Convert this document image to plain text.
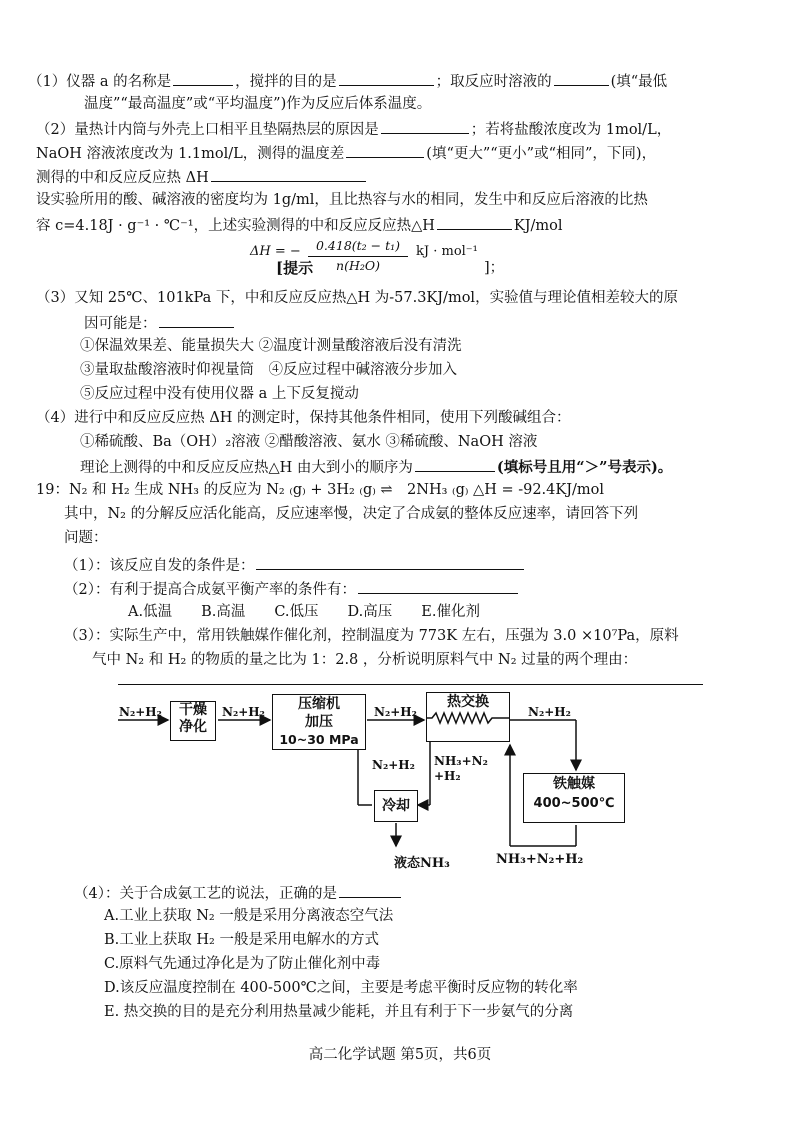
（1）仪器 a 的名称是	，搅拌的目的是	；取反应时溶液的	(填“最低
温度”“最高温度”或“平均温度”)作为反应后体系温度。
（2）量热计内筒与外壳上口相平且垫隔热层的原因是	；若将盐酸浓度改为 1mol/L，
NaOH 溶液浓度改为 1.1mol/L，测得的温度差	(填“更大”“更小”或“相同”，下同)，
测得的中和反应反应热 ΔH
设实验所用的酸、碱溶液的密度均为 1g/ml，且比热容与水的相同，发生中和反应后溶液的比热
容 c=4.18J · g⁻¹ · ℃⁻¹，上述实验测得的中和反应反应热△H	KJ/mol
ΔH = −	0.418(t₂ − t₁)
n(H₂O)
kJ · mol⁻¹
[提示	]；
（3）又知 25℃、101kPa 下，中和反应反应热△H 为-57.3KJ/mol，实验值与理论值相差较大的原
因可能是：
①保温效果差、能量损失大 ②温度计测量酸溶液后没有清洗
③量取盐酸溶液时仰视量筒　④反应过程中碱溶液分步加入
⑤反应过程中没有使用仪器 a 上下反复搅动
（4）进行中和反应反应热 ΔH 的测定时，保持其他条件相同，使用下列酸碱组合：
①稀硫酸、Ba（OH）₂溶液 ②醋酸溶液、氨水 ③稀硫酸、NaOH 溶液
理论上测得的中和反应反应热△H 由大到小的顺序为	(填标号且用“＞”号表示)。
19：N₂ 和 H₂ 生成 NH₃ 的反应为 N₂ ₍g₎ + 3H₂ ₍g₎ ⇌　2NH₃ ₍g₎ △H = -92.4KJ/mol
其中，N₂ 的分解反应活化能高，反应速率慢，决定了合成氨的整体反应速率，请回答下列
问题：
（1）：该反应自发的条件是：
（2）：有利于提高合成氨平衡产率的条件有：
A.低温　　B.高温　　C.低压　　D.高压　　E.催化剂
（3）：实际生产中，常用铁触媒作催化剂，控制温度为 773K 左右，压强为 3.0 ×10⁷Pa，原料
气中 N₂ 和 H₂ 的物质的量之比为 1：2.8 ，分析说明原料气中 N₂ 过量的两个理由：
N₂+H₂	干燥
净化
N₂+H₂	压缩机
加压
10~30 MPa
N₂+H₂
热交换
N₂+H₂
铁触媒
400~500℃
N₂+H₂ NH₃+N₂
+H₂
冷却
液态NH₃	NH₃+N₂+H₂
（4）：关于合成氨工艺的说法，正确的是
A.工业上获取 N₂ 一般是采用分离液态空气法
B.工业上获取 H₂ 一般是采用电解水的方式
C.原料气先通过净化是为了防止催化剂中毒
D.该反应温度控制在 400-500℃之间，主要是考虑平衡时反应物的转化率
E. 热交换的目的是充分利用热量减少能耗，并且有利于下一步氨气的分离
高二化学试题 第5页，共6页
